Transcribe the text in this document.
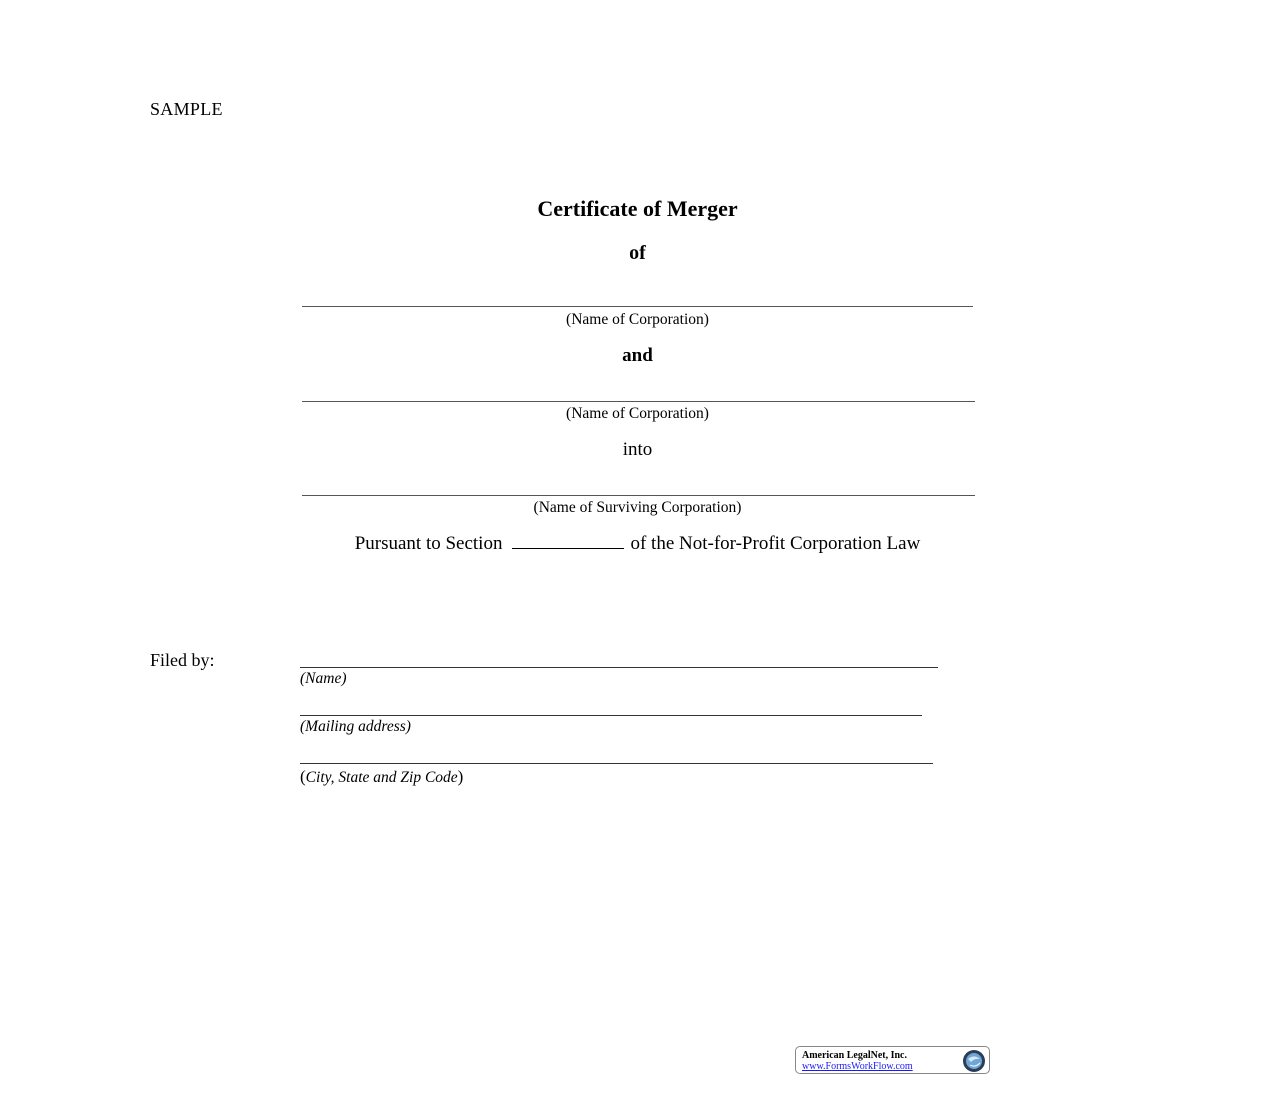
SAMPLE
Certificate of Merger
of
(Name of Corporation)
and
(Name of Corporation)
into
(Name of Surviving Corporation)
Pursuant to Section	of the Not-for-Profit Corporation Law
Filed by:
(Name)
(Mailing address)
(City, State and Zip Code)
American LegalNet, Inc.
www.FormsWorkFlow.com
